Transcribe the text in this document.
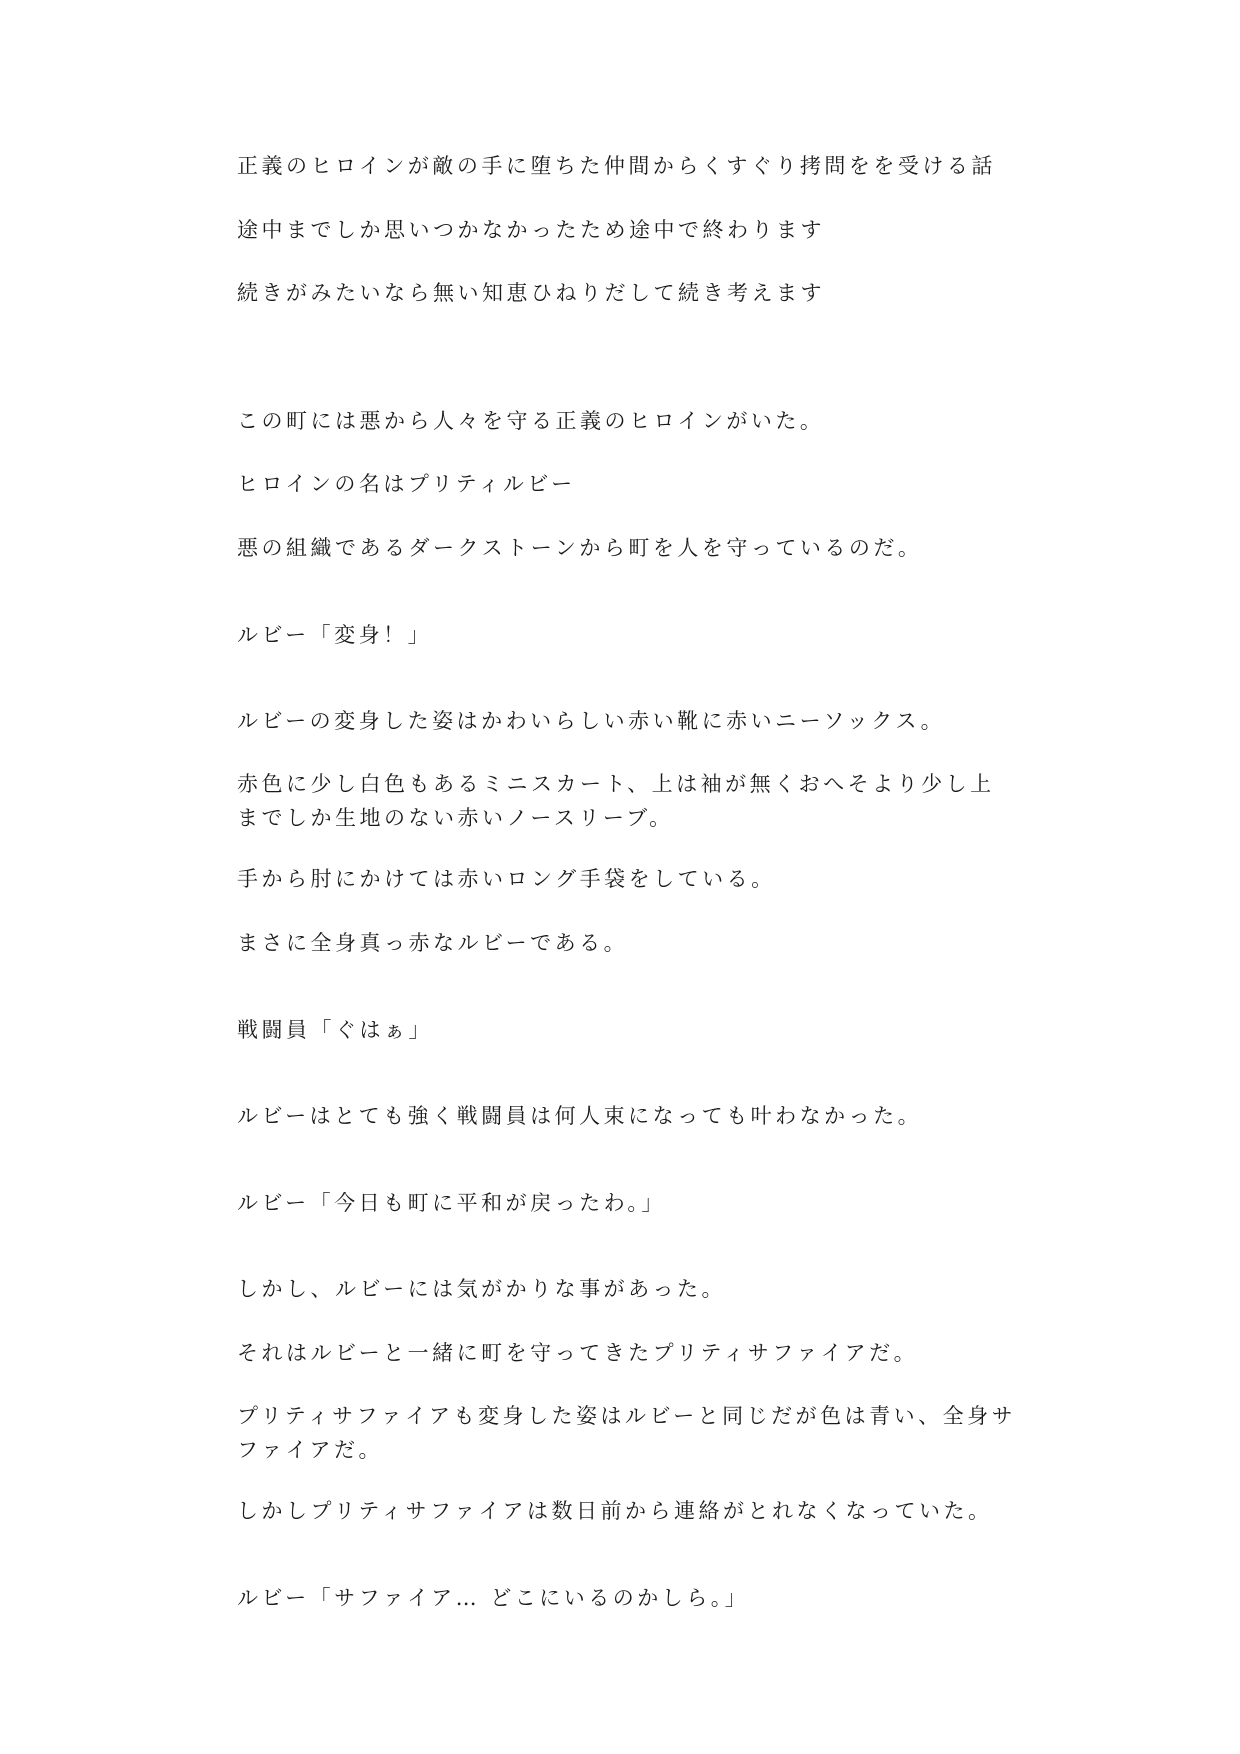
正義のヒロインが敵の手に堕ちた仲間からくすぐり拷問をを受ける話

途中までしか思いつかなかったため途中で終わります

続きがみたいなら無い知恵ひねりだして続き考えます

この町には悪から人々を守る正義のヒロインがいた。

ヒロインの名はプリティルビー

悪の組織であるダークストーンから町を人を守っているのだ。

ルビー「変身！」

ルビーの変身した姿はかわいらしい赤い靴に赤いニーソックス。

赤色に少し白色もあるミニスカート、上は袖が無くおへそより少し上までしか生地のない赤いノースリーブ。

手から肘にかけては赤いロング手袋をしている。

まさに全身真っ赤なルビーである。

戦闘員「ぐはぁ」

ルビーはとても強く戦闘員は何人束になっても叶わなかった。

ルビー「今日も町に平和が戻ったわ。」

しかし、ルビーには気がかりな事があった。

それはルビーと一緒に町を守ってきたプリティサファイアだ。

プリティサファイアも変身した姿はルビーと同じだが色は青い、全身サファイアだ。

しかしプリティサファイアは数日前から連絡がとれなくなっていた。

ルビー「サファイア… どこにいるのかしら。」
